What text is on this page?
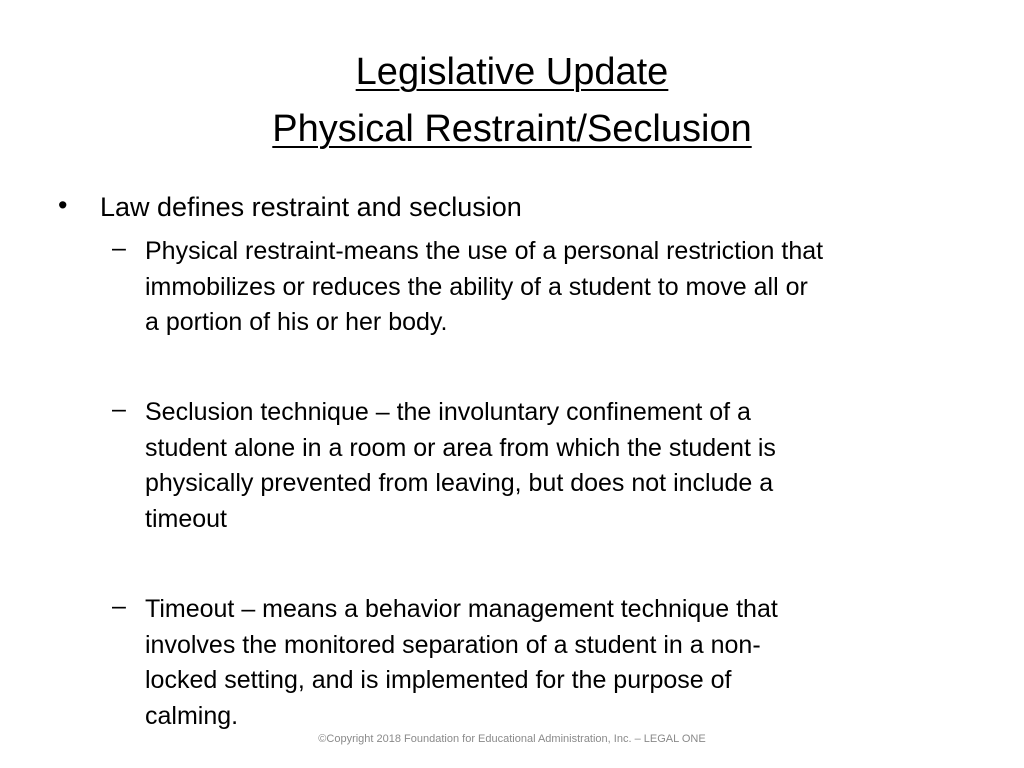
Legislative Update
Physical Restraint/Seclusion
• Law defines restraint and seclusion
– Physical restraint-means the use of a personal restriction that
immobilizes or reduces the ability of a student to move all or
a portion of his or her body.
– Seclusion technique – the involuntary confinement of a
student alone in a room or area from which the student is
physically prevented from leaving, but does not include a
timeout
– Timeout – means a behavior management technique that
involves the monitored separation of a student in a non-
locked setting, and is implemented for the purpose of
calming.
©Copyright 2018 Foundation for Educational Administration, Inc. – LEGAL ONE
